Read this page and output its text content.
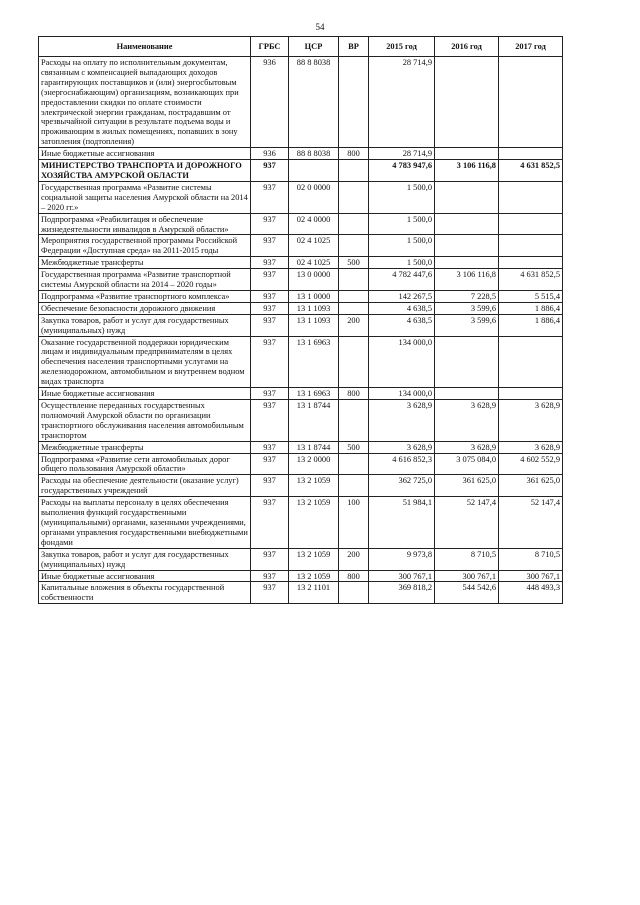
54
Наименование	ГРБС	ЦСР	ВР	2015 год	2016 год	2017 год
Расходы на оплату по исполнительным документам, связанным с компенсацией выпадающих доходов гарантирующих поставщиков и (или) энергосбытовым (энергоснабжающим) организациям, возникающих при предоставлении скидки по оплате стоимости электрической энергии гражданам, пострадавшим от чрезвычайной ситуации в результате подъема воды и проживающим в жилых помещениях, попавших в зону затопления (подтопления)	936	88 8 8038		28 714,9		
Иные бюджетные ассигнования	936	88 8 8038	800	28 714,9		
МИНИСТЕРСТВО ТРАНСПОРТА И ДОРОЖНОГО ХОЗЯЙСТВА АМУРСКОЙ ОБЛАСТИ	937			4 783 947,6	3 106 116,8	4 631 852,5
Государственная программа «Развитие системы социальной защиты населения Амурской области на 2014 – 2020 гг.»	937	02 0 0000		1 500,0		
Подпрограмма «Реабилитация и обеспечение жизнедеятельности инвалидов в Амурской области»	937	02 4 0000		1 500,0		
Мероприятия государственной программы Российской Федерации «Доступная среда» на 2011-2015 годы	937	02 4 1025		1 500,0		
Межбюджетные трансферты	937	02 4 1025	500	1 500,0		
Государственная программа «Развитие транспортной системы Амурской области на 2014 – 2020 годы»	937	13 0 0000		4 782 447,6	3 106 116,8	4 631 852,5
Подпрограмма «Развитие транспортного комплекса»	937	13 1 0000		142 267,5	7 228,5	5 515,4
Обеспечение безопасности дорожного движения	937	13 1 1093		4 638,5	3 599,6	1 886,4
Закупка товаров, работ и услуг для государственных (муниципальных) нужд	937	13 1 1093	200	4 638,5	3 599,6	1 886,4
Оказание государственной поддержки юридическим лицам и индивидуальным предпринимателям в целях обеспечения населения транспортными услугами на железнодорожном, автомобильном и внутреннем водном видах транспорта	937	13 1 6963		134 000,0		
Иные бюджетные ассигнования	937	13 1 6963	800	134 000,0		
Осуществление переданных государственных полномочий Амурской области по организации транспортного обслуживания населения автомобильным транспортом	937	13 1 8744		3 628,9	3 628,9	3 628,9
Межбюджетные трансферты	937	13 1 8744	500	3 628,9	3 628,9	3 628,9
Подпрограмма «Развитие сети автомобильных дорог общего пользования Амурской области»	937	13 2 0000		4 616 852,3	3 075 084,0	4 602 552,9
Расходы на обеспечение деятельности (оказание услуг) государственных учреждений	937	13 2 1059		362 725,0	361 625,0	361 625,0
Расходы на выплаты персоналу в целях обеспечения выполнения функций государственными (муниципальными) органами, казенными учреждениями, органами управления государственными внебюджетными фондами	937	13 2 1059	100	51 984,1	52 147,4	52 147,4
Закупка товаров, работ и услуг для государственных (муниципальных) нужд	937	13 2 1059	200	9 973,8	8 710,5	8 710,5
Иные бюджетные ассигнования	937	13 2 1059	800	300 767,1	300 767,1	300 767,1
Капитальные вложения в объекты государственной собственности	937	13 2 1101		369 818,2	544 542,6	448 493,3
